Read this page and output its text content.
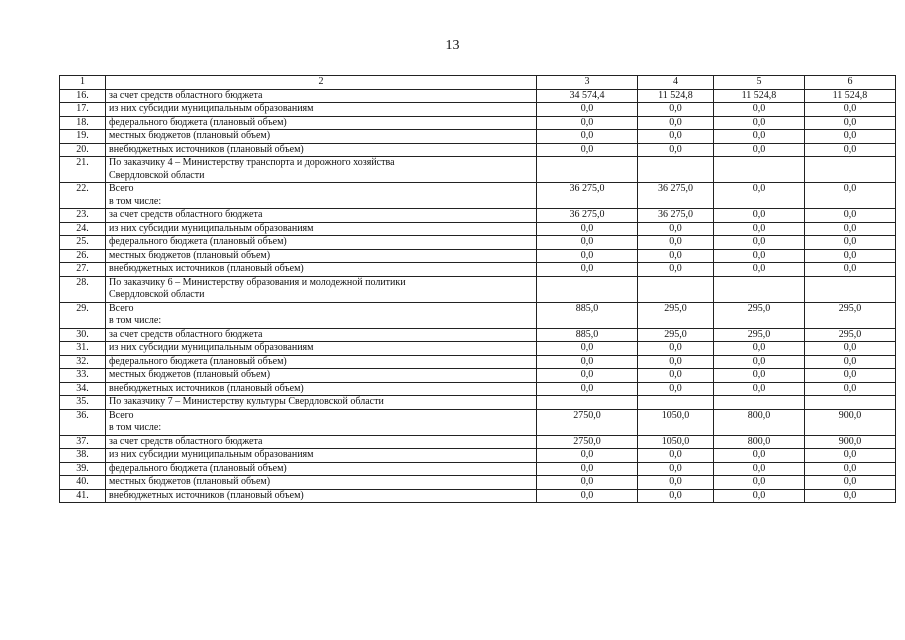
13
1	2	3	4	5	6
16.	за счет средств областного бюджета	34 574,4	11 524,8	11 524,8	11 524,8
17.	из них субсидии муниципальным образованиям	0,0	0,0	0,0	0,0
18.	федерального бюджета (плановый объем)	0,0	0,0	0,0	0,0
19.	местных бюджетов (плановый объем)	0,0	0,0	0,0	0,0
20.	внебюджетных источников (плановый объем)	0,0	0,0	0,0	0,0
21.	По заказчику 4 – Министерству транспорта и дорожного хозяйства
Свердловской области				

22.	Всего
в том числе:	36 275,0	36 275,0	0,0	0,0
23.	за счет средств областного бюджета	36 275,0	36 275,0	0,0	0,0
24.	из них субсидии муниципальным образованиям	0,0	0,0	0,0	0,0
25.	федерального бюджета (плановый объем)	0,0	0,0	0,0	0,0
26.	местных бюджетов (плановый объем)	0,0	0,0	0,0	0,0
27.	внебюджетных источников (плановый объем)	0,0	0,0	0,0	0,0
28.	По заказчику 6 – Министерству образования и молодежной политики
Свердловской области				

29.	Всего
в том числе:	885,0	295,0	295,0	295,0
30.	за счет средств областного бюджета	885,0	295,0	295,0	295,0
31.	из них субсидии муниципальным образованиям	0,0	0,0	0,0	0,0
32.	федерального бюджета (плановый объем)	0,0	0,0	0,0	0,0
33.	местных бюджетов (плановый объем)	0,0	0,0	0,0	0,0
34.	внебюджетных источников (плановый объем)	0,0	0,0	0,0	0,0
35.	По заказчику 7 – Министерству культуры Свердловской области				

36.	Всего
в том числе:	2750,0	1050,0	800,0	900,0
37.	за счет средств областного бюджета	2750,0	1050,0	800,0	900,0
38.	из них субсидии муниципальным образованиям	0,0	0,0	0,0	0,0
39.	федерального бюджета (плановый объем)	0,0	0,0	0,0	0,0
40.	местных бюджетов (плановый объем)	0,0	0,0	0,0	0,0
41.	внебюджетных источников (плановый объем)	0,0	0,0	0,0	0,0
